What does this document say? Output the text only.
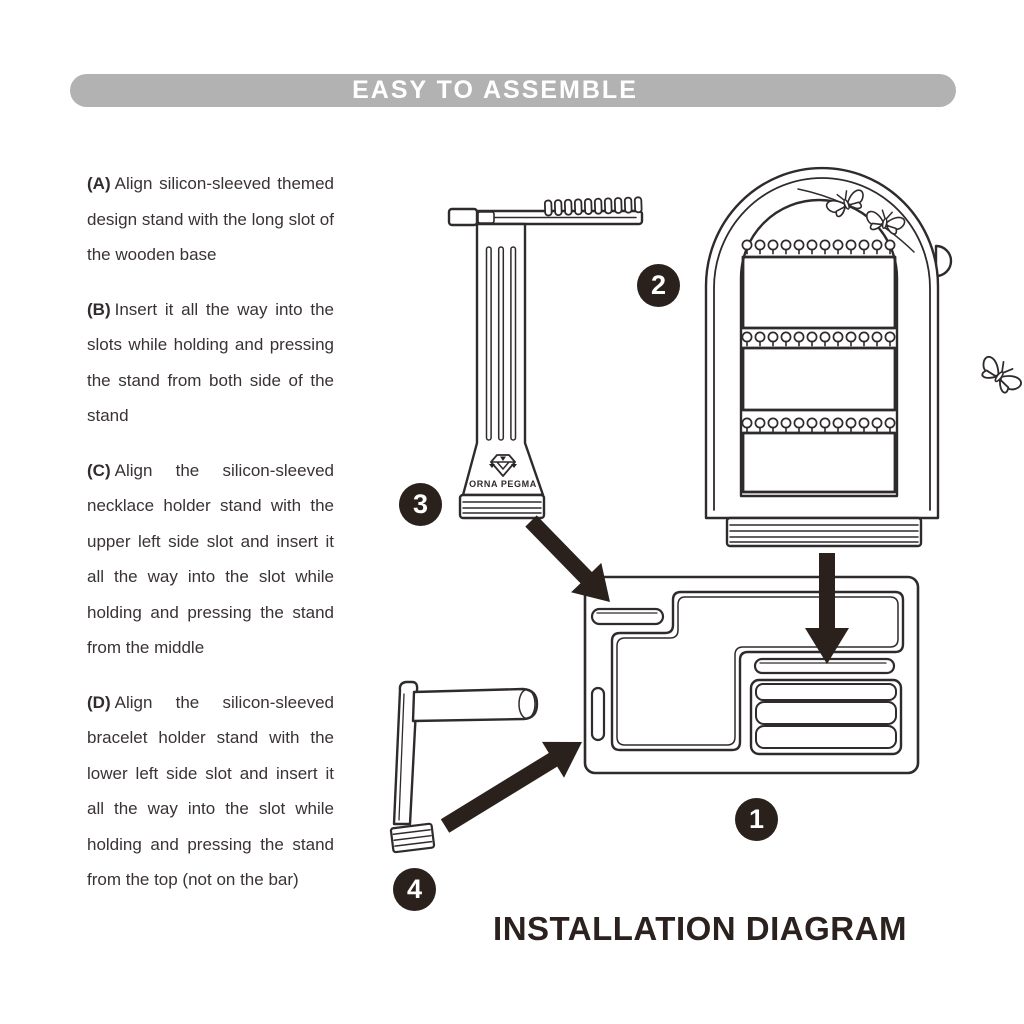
EASY TO ASSEMBLE

(A) Align silicon-sleeved themed design stand with the long slot of the wooden base

(B) Insert it all the way into the slots while holding and pressing the stand from both side of the stand

(C) Align the silicon-sleeved necklace holder stand with the upper left side slot and insert it all the way into the slot while holding and pressing the stand from the middle

(D) Align the silicon-sleeved bracelet holder stand with the lower left side slot and insert it all the way into the slot while holding and pressing the stand from the top (not on the bar)

ORNA PEGMA
1
2
3
4
INSTALLATION DIAGRAM
